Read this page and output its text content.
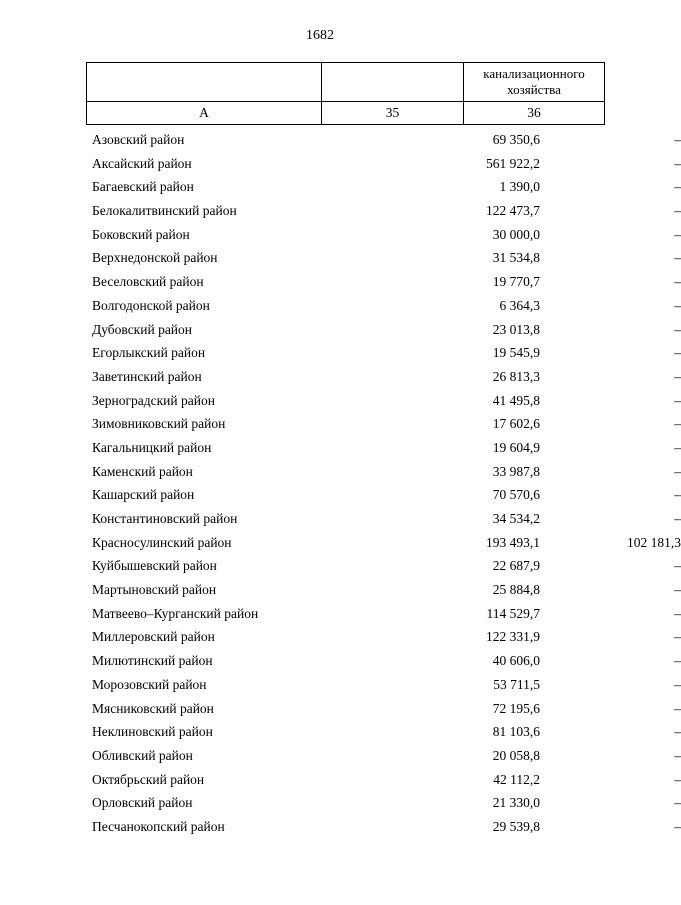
1682
		канализационного хозяйства
А	35	36
Азовский район	69 350,6	–
Аксайский район	561 922,2	–
Багаевский район	1 390,0	–
Белокалитвинский район	122 473,7	–
Боковский район	30 000,0	–
Верхнедонской район	31 534,8	–
Веселовский район	19 770,7	–
Волгодонской район	6 364,3	–
Дубовский район	23 013,8	–
Егорлыкский район	19 545,9	–
Заветинский район	26 813,3	–
Зерноградский район	41 495,8	–
Зимовниковский район	17 602,6	–
Кагальницкий район	19 604,9	–
Каменский район	33 987,8	–
Кашарский район	70 570,6	–
Константиновский район	34 534,2	–
Красносулинский район	193 493,1	102 181,3
Куйбышевский район	22 687,9	–
Мартыновский район	25 884,8	–
Матвеево–Курганский район	114 529,7	–
Миллеровский район	122 331,9	–
Милютинский район	40 606,0	–
Морозовский район	53 711,5	–
Мясниковский район	72 195,6	–
Неклиновский район	81 103,6	–
Обливский район	20 058,8	–
Октябрьский район	42 112,2	–
Орловский район	21 330,0	–
Песчанокопский район	29 539,8	–
